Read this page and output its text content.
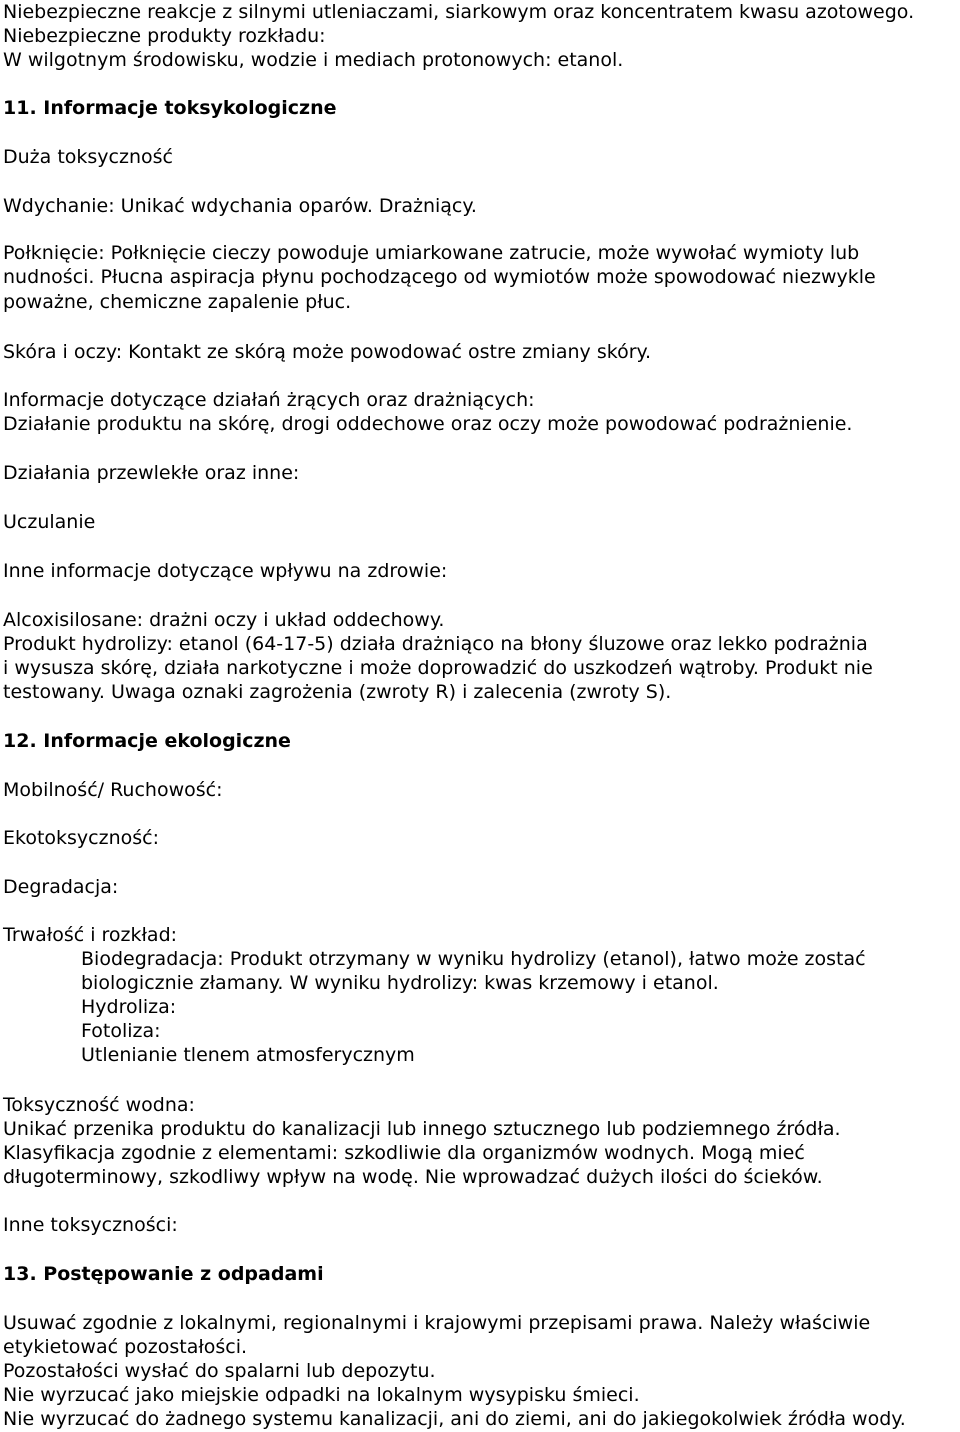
Niebezpieczne reakcje z silnymi utleniaczami, siarkowym oraz koncentratem kwasu azotowego.
Niebezpieczne produkty rozkładu:
W wilgotnym środowisku, wodzie i mediach protonowych: etanol.
11. Informacje toksykologiczne
Duża toksyczność
Wdychanie: Unikać wdychania oparów. Drażniący.
Połknięcie: Połknięcie cieczy powoduje umiarkowane zatrucie, może wywołać wymioty lub
nudności. Płucna aspiracja płynu pochodzącego od wymiotów może spowodować niezwykle
poważne, chemiczne zapalenie płuc.
Skóra i oczy: Kontakt ze skórą może powodować ostre zmiany skóry.
Informacje dotyczące działań żrących oraz drażniących:
Działanie produktu na skórę, drogi oddechowe oraz oczy może powodować podrażnienie.
Działania przewlekłe oraz inne:
Uczulanie
Inne informacje dotyczące wpływu na zdrowie:
Alcoxisilosane: drażni oczy i układ oddechowy.
Produkt hydrolizy: etanol (64-17-5) działa drażniąco na błony śluzowe oraz lekko podrażnia
i wysusza skórę, działa narkotyczne i może doprowadzić do uszkodzeń wątroby. Produkt nie
testowany. Uwaga oznaki zagrożenia (zwroty R) i zalecenia (zwroty S).
12. Informacje ekologiczne
Mobilność/ Ruchowość:
Ekotoksyczność:
Degradacja:
Trwałość i rozkład:
Biodegradacja: Produkt otrzymany w wyniku hydrolizy (etanol), łatwo może zostać
biologicznie złamany. W wyniku hydrolizy: kwas krzemowy i etanol.
Hydroliza:
Fotoliza:
Utlenianie tlenem atmosferycznym
Toksyczność wodna:
Unikać przenika produktu do kanalizacji lub innego sztucznego lub podziemnego źródła.
Klasyfikacja zgodnie z elementami: szkodliwie dla organizmów wodnych. Mogą mieć
długoterminowy, szkodliwy wpływ na wodę. Nie wprowadzać dużych ilości do ścieków.
Inne toksyczności:
13. Postępowanie z odpadami
Usuwać zgodnie z lokalnymi, regionalnymi i krajowymi przepisami prawa. Należy właściwie
etykietować pozostałości.
Pozostałości wysłać do spalarni lub depozytu.
Nie wyrzucać jako miejskie odpadki na lokalnym wysypisku śmieci.
Nie wyrzucać do żadnego systemu kanalizacji, ani do ziemi, ani do jakiegokolwiek źródła wody.
